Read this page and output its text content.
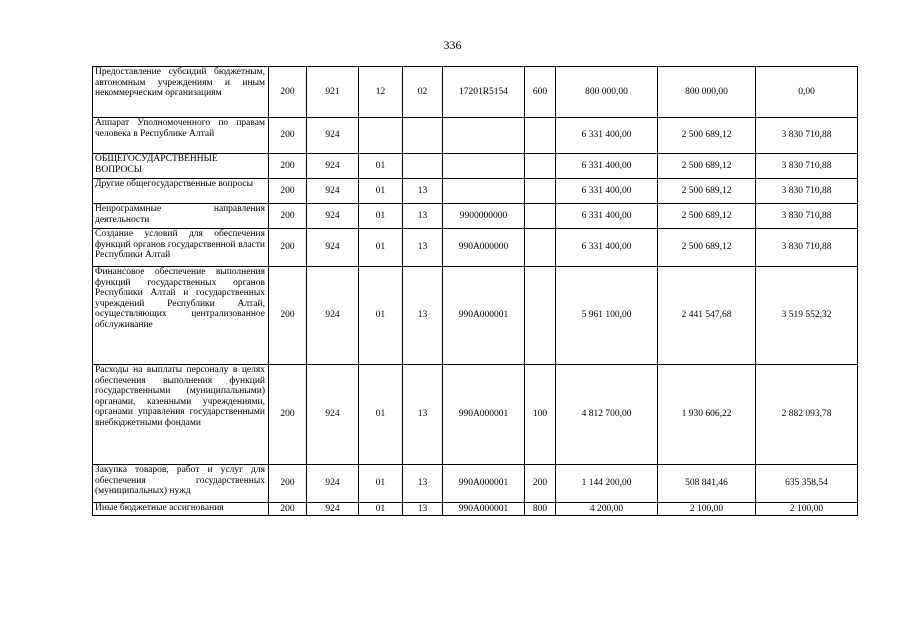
336
Предоставление субсидий бюджетным, автономным учреждениям и иным некоммерческим организациям	200	921	12	02	17201R5154	600	800 000,00	800 000,00	0,00
Аппарат Уполномоченного по правам человека в Республике Алтай	200	924					6 331 400,00	2 500 689,12	3 830 710,88
ОБЩЕГОСУДАРСТВЕННЫЕ ВОПРОСЫ	200	924	01				6 331 400,00	2 500 689,12	3 830 710,88
Другие общегосударственные вопросы	200	924	01	13			6 331 400,00	2 500 689,12	3 830 710,88
Непрограммные направления деятельности	200	924	01	13	9900000000		6 331 400,00	2 500 689,12	3 830 710,88
Создание условий для обеспечения функций органов государственной власти Республики Алтай	200	924	01	13	990А000000		6 331 400,00	2 500 689,12	3 830 710,88
Финансовое обеспечение выполнения функций государственных органов Республики Алтай и государственных учреждений Республики Алтай, осуществляющих централизованное обслуживание	200	924	01	13	990А000001		5 961 100,00	2 441 547,68	3 519 552,32
Расходы на выплаты персоналу в целях обеспечения выполнения функций государственными (муниципальными) органами, казенными учреждениями, органами управления государственными внебюджетными фондами	200	924	01	13	990А000001	100	4 812 700,00	1 930 606,22	2 882 093,78
Закупка товаров, работ и услуг для обеспечения государственных (муниципальных) нужд	200	924	01	13	990А000001	200	1 144 200,00	508 841,46	635 358,54
Иные бюджетные ассигнования	200	924	01	13	990А000001	800	4 200,00	2 100,00	2 100,00
